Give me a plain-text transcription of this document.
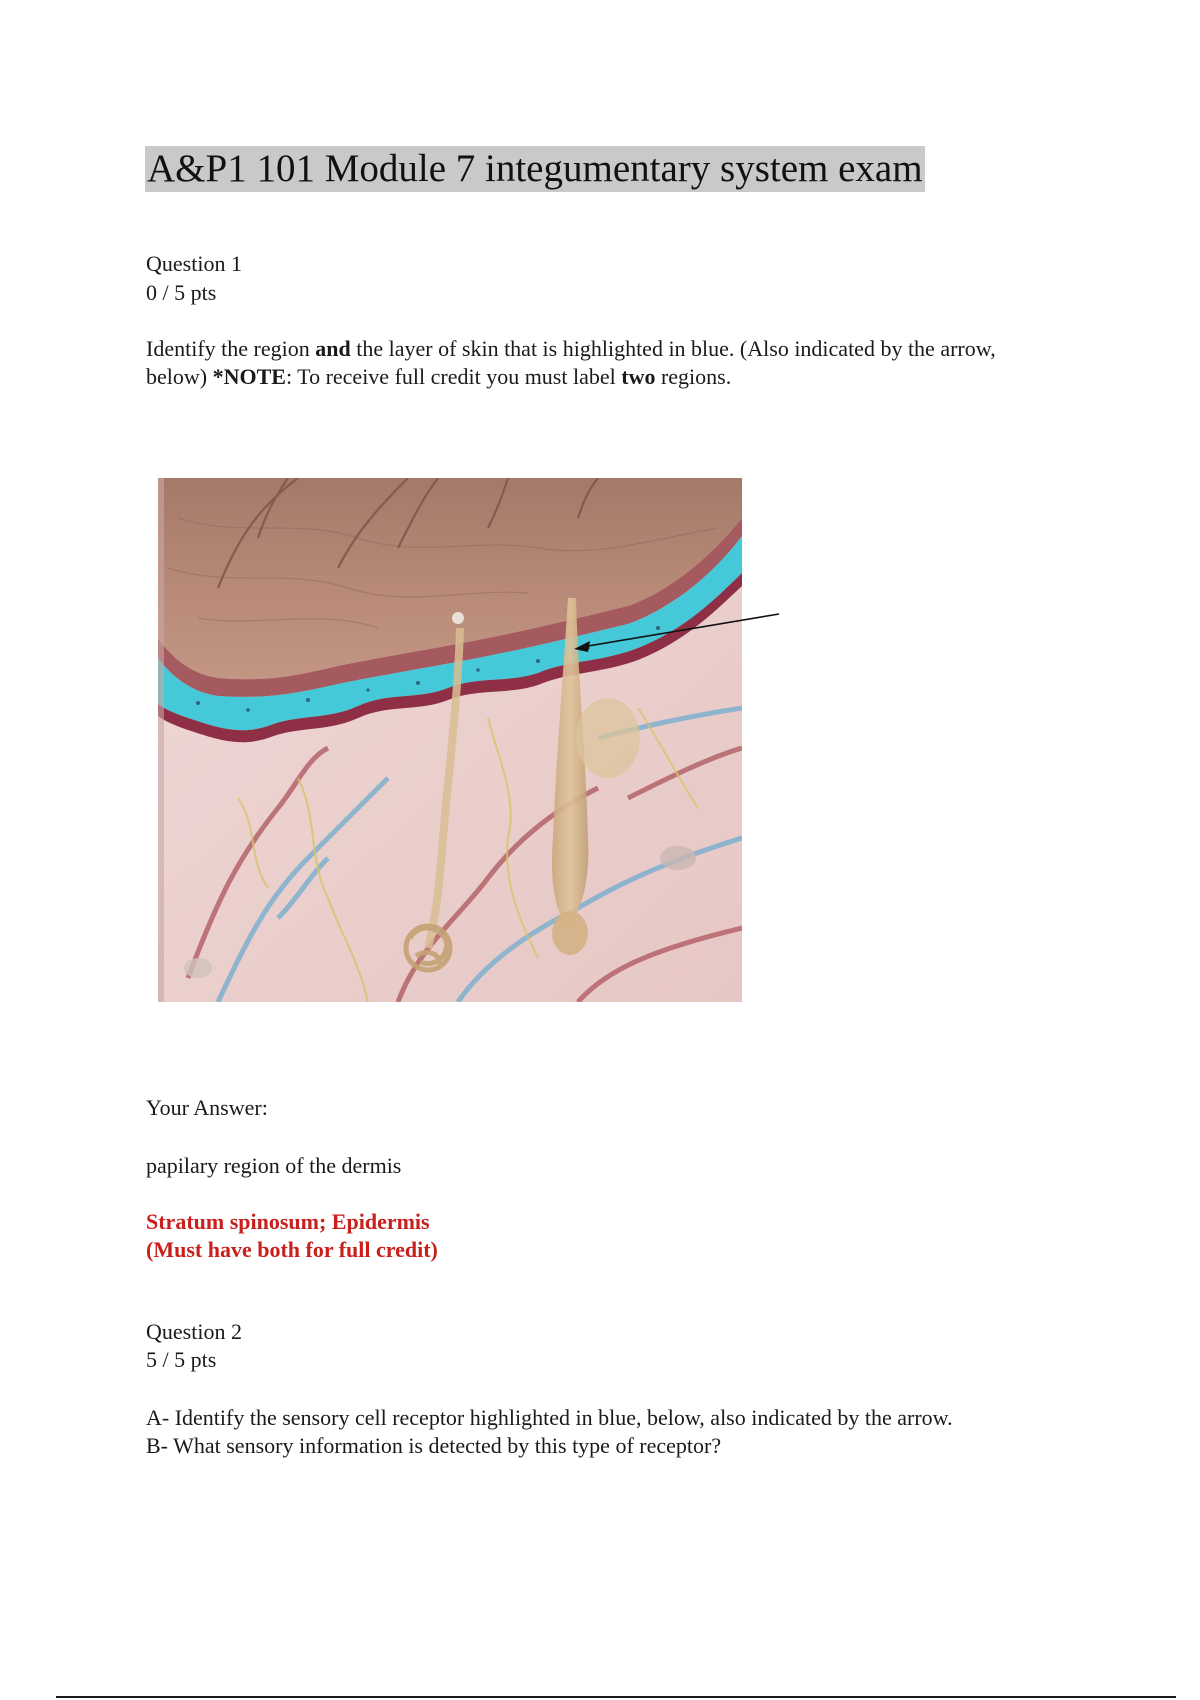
A&P1 101 Module 7 integumentary system exam
Question 1
0 / 5 pts
Identify the region and the layer of skin that is highlighted in blue. (Also indicated by the arrow,
below) *NOTE: To receive full credit you must label two regions.
Your Answer:
papilary region of the dermis
Stratum spinosum; Epidermis
(Must have both for full credit)
Question 2
5 / 5 pts
A- Identify the sensory cell receptor highlighted in blue, below, also indicated by the arrow.
B- What sensory information is detected by this type of receptor?
